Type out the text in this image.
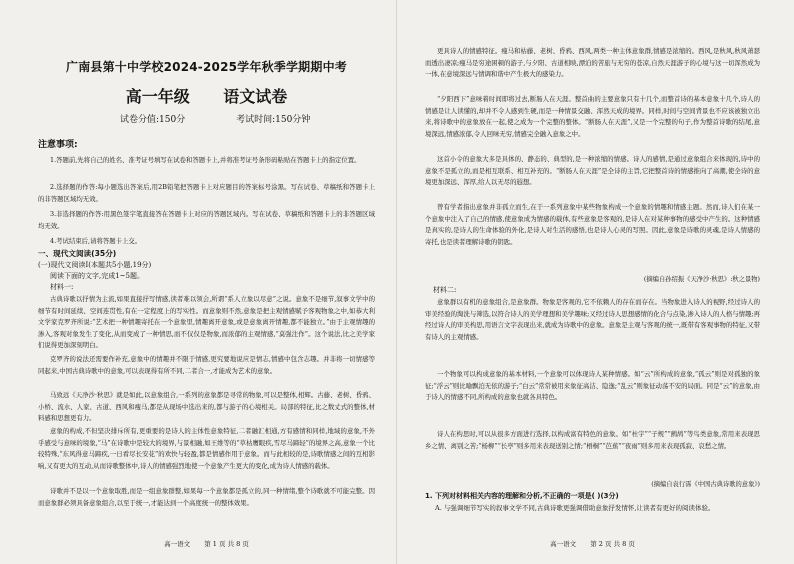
广南县第十中学校2024-2025学年秋季学期期中考
高一年级 语文试卷
试卷分值:150分	考试时间:150分钟
注意事项:

1.答题前,先将自己的姓名、准考证号填写在试卷和答题卡上,并将准考证号条形码粘贴在答题卡上的指定位置。

2.选择题的作答:每小题选出答案后,用2B铅笔把答题卡上对应题目的答案标号涂黑。写在试卷、草稿纸和答题卡上的非答题区域均无效。

3.非选择题的作答:用黑色签字笔直接答在答题卡上对应的答题区域内。写在试卷、草稿纸和答题卡上的非答题区域均无效。

4.考试结束后,请将答题卡上交。

一、现代文阅读(35分)
(一)现代文阅读Ⅰ(本题共5小题,19分)
阅读下面的文字,完成1~5题。
材料一:

古典诗歌以抒情为主流,如果直接抒写情感,读者难以领会,所谓“系人立象以尽意”之说。意象不是细节,叙事文学中的细节有时间延续、空间连贯性,有在一定程度上的写实性。而意象则不然,意象是把主观情感赋予客观物象之中,如恭大利文学家克罗齐所说:“艺术把一种情趣寄托在一个意象里,情趣离开意象,或是意象离开情趣,都不能独立。”由于主观情趣的渗入,客观对象发生了变化,从而变成了一种情思,而不仅仅是物象,而浓郁的主观情感,“莫强注作”。这个说法,比之美学家们说得更加深刻明白。

克罗齐的说法还需要作补充,意象中的情趣并不限于情感,更究要地说应是情志,情感中包含志趣。并非将一切情感等同起来,中国古典诗歌中的意象,可以表现得有所不同,二者合一,才能成为艺术的意象。

马致远《天净沙·秋思》就是如此,以意象组合,一系列的意象都是寻常的物象,可以是整体,相辉。古藤、老树、昏鸦、小桥、流水、人家、古道、西风和瘦马,都是从现场中选出来的,都与游子的心境相关。局部的特征,比之数丈式的整体,材料感和思想更有力。

意象的构成,不但坚决排斥所有,更重要的是诗人的主体性意象特征,二者融汇相通,方有感情和同样,地域的意象,不外乎感受与意味的境象,“马”在诗歌中是较大的境界,与景相融,如王维等的“草枯鹰眼疾,雪尽马蹄轻”的境界之高,意象一个比较特殊,“东风得意马蹄疾,一日看尽长安花”的欢快与轻盈,都是情感作用于意象。而与此相较的是,诗歌情感之间的互相影响,又有更大的互动,从而诗歌整体中,诗人的情感强烈地使一个意象产生更大的变化,成为诗人情感的载体。

诗歌并不是以一个意象取胜,而是一组意象群整,如果每一个意象都是孤立的,同一种情绪,整个诗歌就不可能完整。因而意象群必须具备意象组合,以至于统一,才能达到一个高度统一的整体效果。

高一语文 第 1 页 共 8 页

更具诗人的情感特征。瘦马和枯藤、老树、昏鸦、西风,两类一种主体意象群,情感是浓缩的。西风,是秋风,秋风萧瑟而透出凄凉;瘦马是穷途困顿的游子,与夕阳、古道相映,漂泊的苦旅与无穷的苍凉,自然天涯游子的心境与这一切浑然成为一体,在意境深远与情调和谐中产生极大的感染力。

“夕阳西下”意味着时间即将过去,断肠人在天涯。整首曲的主要意象只有十几个,而整首诗的基本意象十几个,诗人的情感是让人读懂的,却并不令人感到生硬,而是一种情景交融、浑然天成的境界。同样,时间与空间背景也不应该被独立出来,将诗歌中的意象放在一起,使之成为一个完整的整体。“断肠人在天涯”,又是一个完整的句子,作为整首诗歌的结尾,意境深远,情感浓郁,令人回味无穷,情感完全融入意象之中。

这首小令的意象大多是具体的、静态的、典型的,是一种浓缩的情感。诗人的感情,是通过意象组合来体现的,诗中的意象不是孤立的,而是相互联系、相互补充的。“断肠人在天涯”是全诗的主旨,它把整首诗的情感推向了高潮,使全诗的意境更加深远、浑厚,给人以无尽的遐想。

曾有学者指出意象并非孤立而生,在于一系列意象中某些物象构成一个意象的情趣和情感主题。然而,诗人们在某一个意象中注入了自己的情感,使意象成为情感的载体,有些意象是客观的,是诗人在对某种事物的感受中产生的。这种情感是真实的,是诗人的生命体验的外化,是诗人对生活的感悟,也是诗人心灵的写照。因此,意象是诗歌的灵魂,是诗人情感的寄托,也是读者理解诗歌的钥匙。

(摘编自孙绍振《天净沙·秋思》:秋之景物)
材料二:

意象群以有机的意象组合,是意象群。物象是客观的,它不依赖人的存在而存在。当物象进入诗人的视野,经过诗人的审美经验的淘洗与筛选,以符合诗人的美学理想和美学趣味;又经过诗人思想感情的化合与点染,渗入诗人的人格与情趣;再经过诗人的审美构思,用语言文字表现出来,就成为诗歌中的意象。意象是主观与客观的统一,既带有客观事物的特征,又带有诗人的主观情感。

一个物象可以构成意象的基本材料,一个意象可以体现诗人某种情感。如“云”所构成的意象,“孤云”则是对孤独的象征;“浮云”则比喻飘泊无依的游子;“白云”常常被用来象征高洁、隐逸;“乱云”则象征动荡不安的局面。同是“云”的意象,由于诗人的情感不同,所构成的意象也就各具特色。

诗人在构思时,可以从很多方面进行选择,以构成富有特色的意象。如“杜宇”“子规”“鹧鸪”等鸟类意象,常用来表现思乡之情、离别之苦;“杨柳”“长亭”则多用来表现送别之情;“梧桐”“芭蕉”“夜雨”则多用来表现孤寂、哀愁之情。

(摘编自袁行霈《中国古典诗歌的意象》)
1. 下列对材料相关内容的理解和分析,不正确的一项是( )(3分)

A. 与强调细节写实的叙事文学不同,古典诗歌更强调借助意象抒发情怀,让读者有更好的阅读体验。

高一语文 第 2 页 共 8 页
